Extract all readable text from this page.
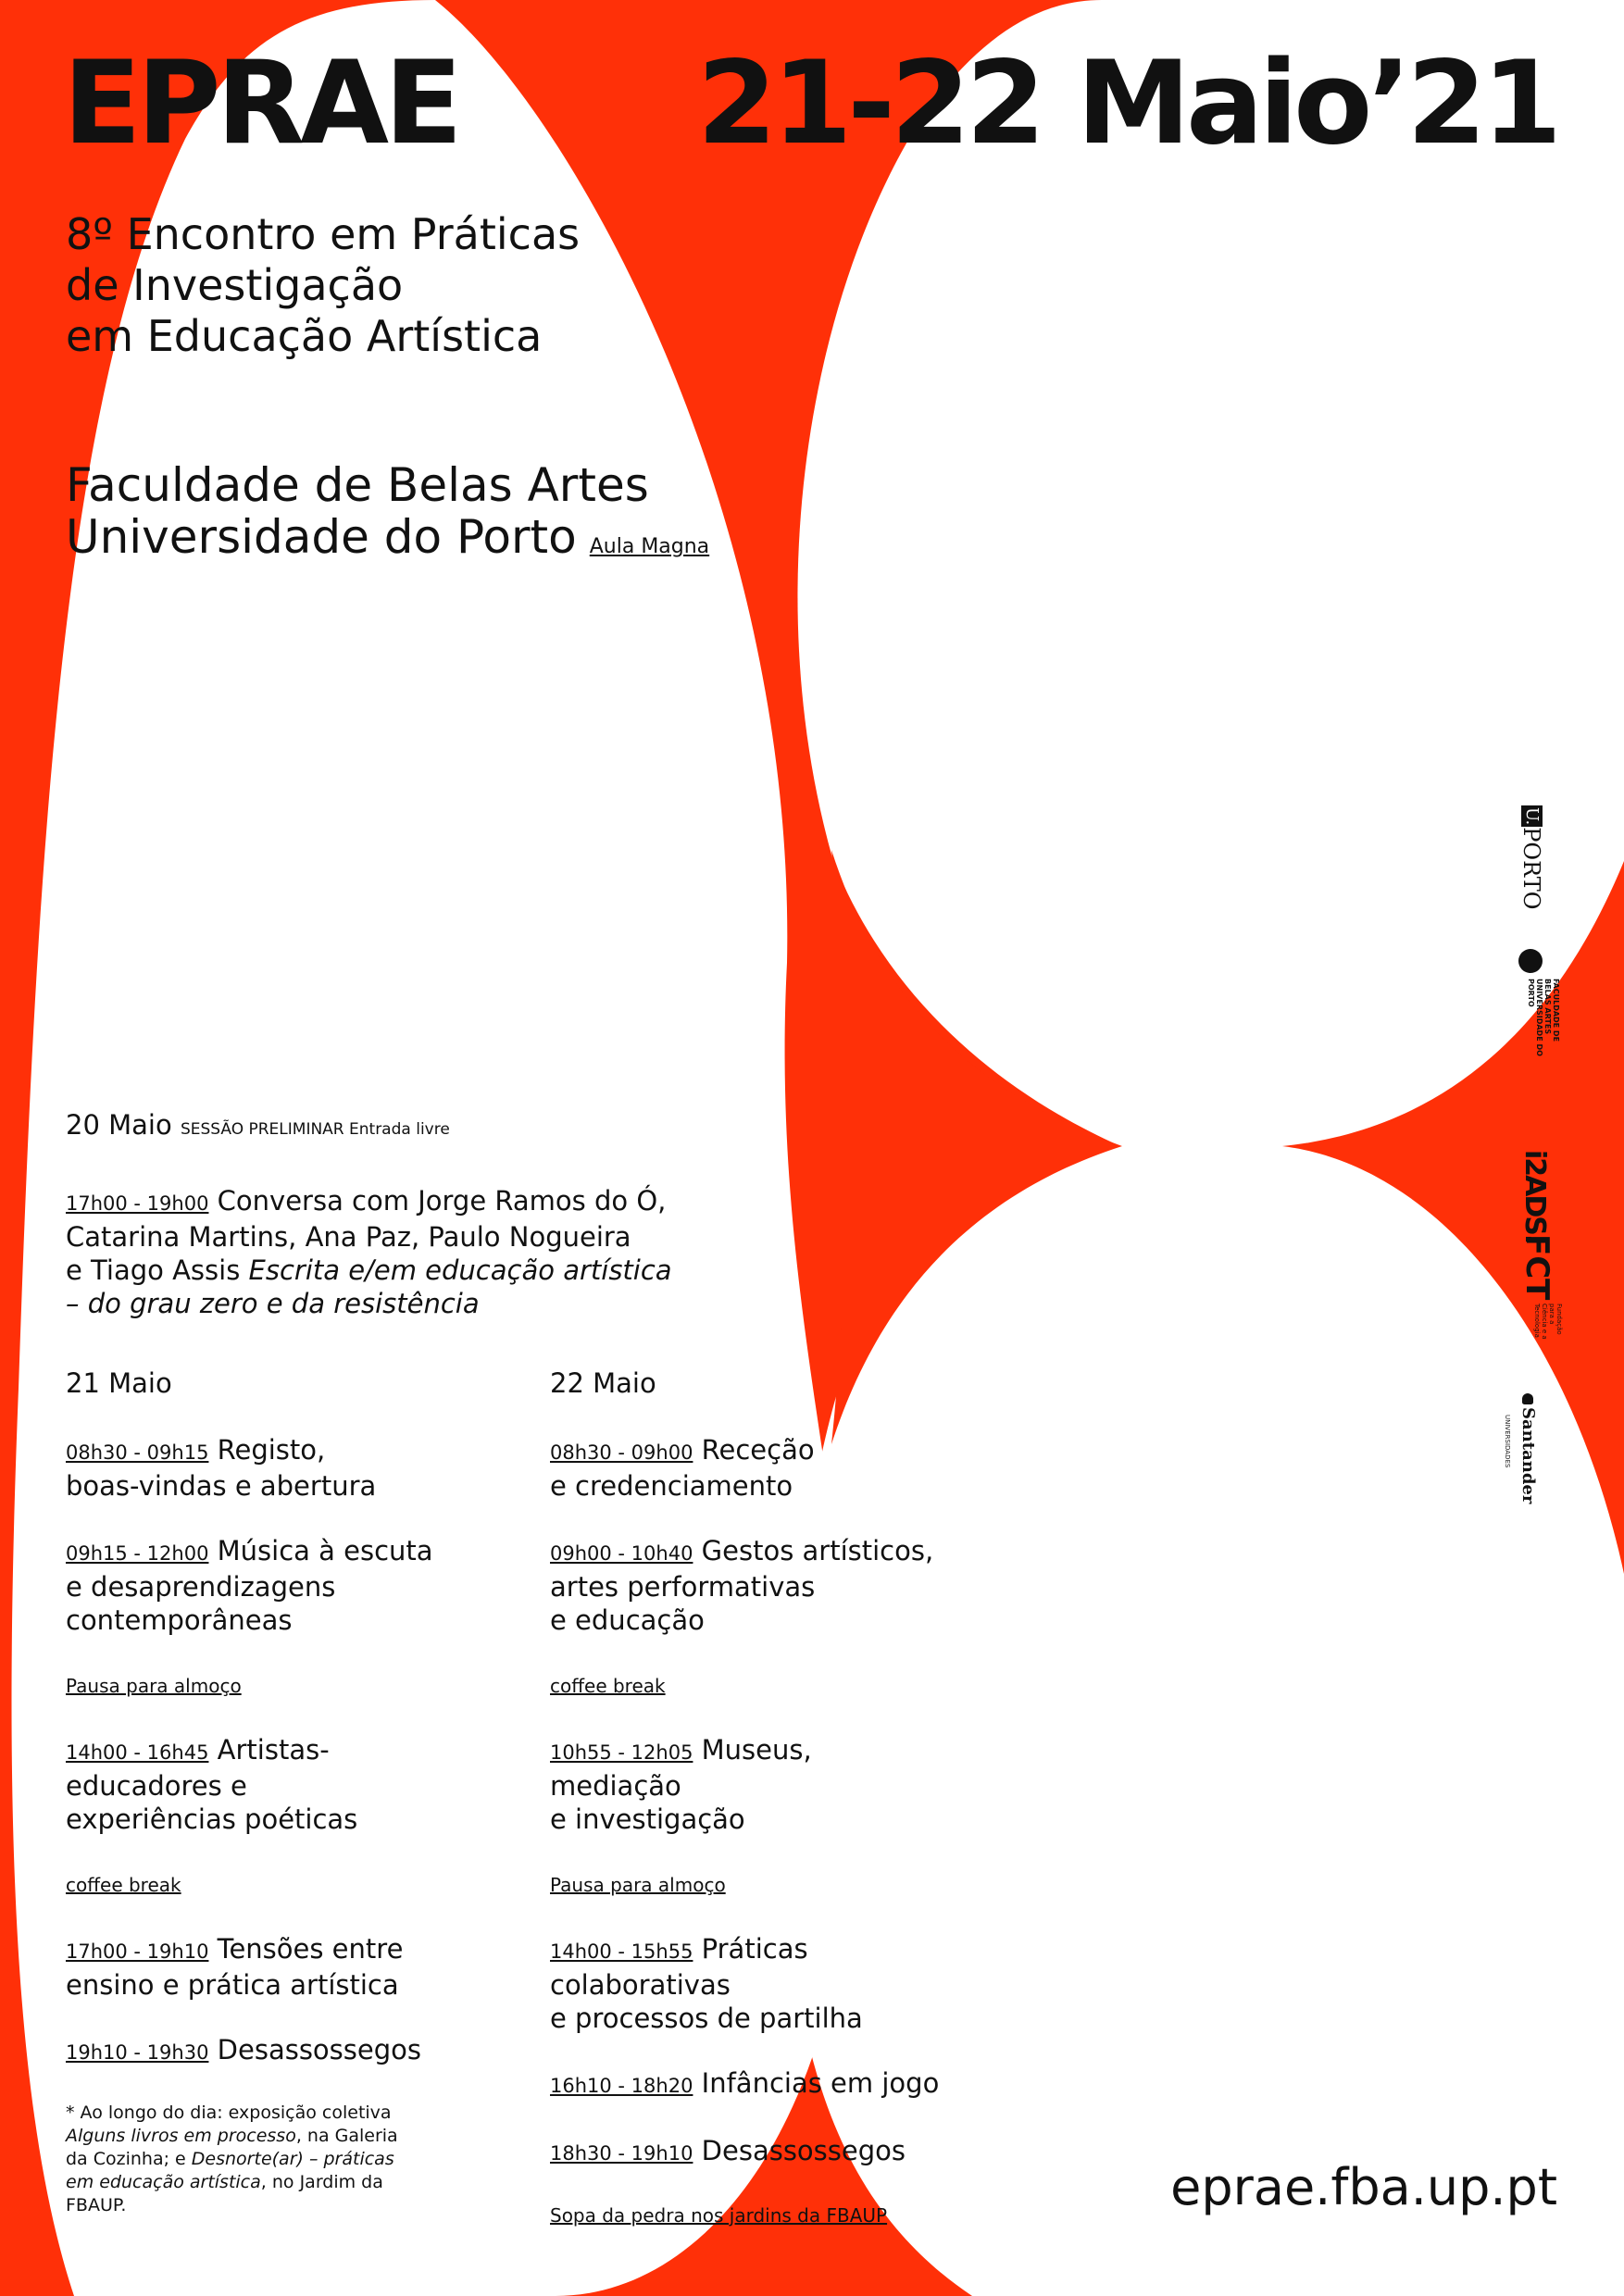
EPRAE 21-22 Maio’21
8º Encontro em Práticas
de Investigação
em Educação Artística
Faculdade de Belas Artes
Universidade do Porto Aula Magna
20 Maio SESSÃO PRELIMINAR Entrada livre
17h00 - 19h00 Conversa com Jorge Ramos do Ó,
Catarina Martins, Ana Paz, Paulo Nogueira
e Tiago Assis Escrita e/em educação artística
– do grau zero e da resistência
21 Maio
08h30 - 09h15 Registo,
boas-vindas e abertura
09h15 - 12h00 Música à escuta
e desaprendizagens
contemporâneas
Pausa para almoço
14h00 - 16h45 Artistas-
educadores e
experiências poéticas
coffee break
17h00 - 19h10 Tensões entre
ensino e prática artística
19h10 - 19h30 Desassossegos
22 Maio
08h30 - 09h00 Receção
e credenciamento
09h00 - 10h40 Gestos artísticos,
artes performativas
e educação
coffee break
10h55 - 12h05 Museus,
mediação
e investigação
Pausa para almoço
14h00 - 15h55 Práticas
colaborativas
e processos de partilha
16h10 - 18h20 Infâncias em jogo
18h30 - 19h10 Desassossegos
Sopa da pedra nos jardins da FBAUP
* Ao longo do dia: exposição coletiva
Alguns livros em processo, na Galeria
da Cozinha; e Desnorte(ar) – práticas
em educação artística, no Jardim da
FBAUP.	eprae.fba.up.pt
U.PORTO
FACULDADE DE BELAS ARTES UNIVERSIDADE DO PORTO
i2ADS.
FCTFundação para a Ciência e a Tecnologia
Santander
UNIVERSIDADES
